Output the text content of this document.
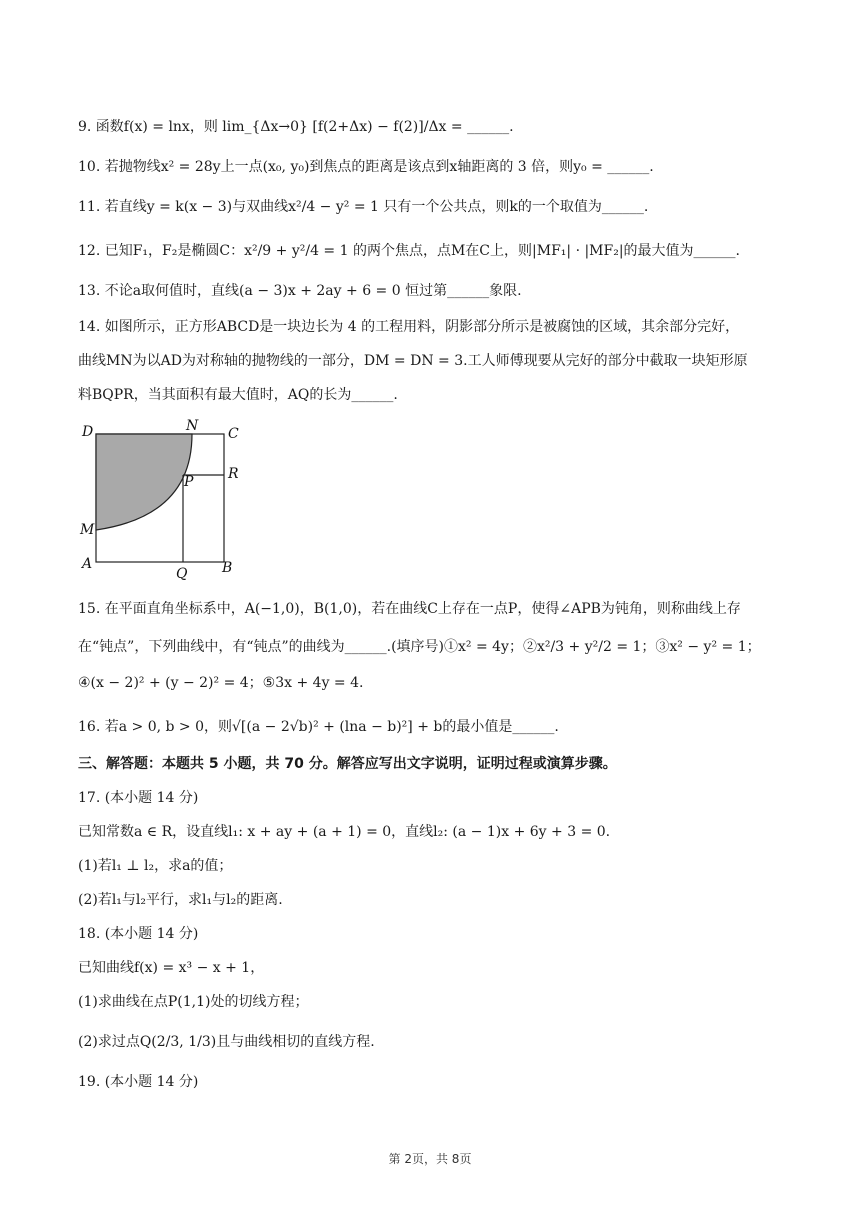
9. 函数f(x) = lnx，则 lim_{Δx→0} [f(2+Δx) − f(2)]/Δx = ______.
10. 若抛物线x² = 28y上一点(x₀, y₀)到焦点的距离是该点到x轴距离的 3 倍，则y₀ = ______.
11. 若直线y = k(x − 3)与双曲线x²/4 − y² = 1 只有一个公共点，则k的一个取值为______.
12. 已知F₁，F₂是椭圆C：x²/9 + y²/4 = 1 的两个焦点，点M在C上，则|MF₁| · |MF₂|的最大值为______.
13. 不论a取何值时，直线(a − 3)x + 2ay + 6 = 0 恒过第______象限.
14. 如图所示，正方形ABCD是一块边长为 4 的工程用料，阴影部分所示是被腐蚀的区域，其余部分完好，
曲线MN为以AD为对称轴的抛物线的一部分，DM = DN = 3.工人师傅现要从完好的部分中截取一块矩形原
料BQPR，当其面积有最大值时，AQ的长为______.
D	N C
R
P
M
A
Q B
15. 在平面直角坐标系中，A(−1,0)，B(1,0)，若在曲线C上存在一点P，使得∠APB为钝角，则称曲线上存
在“钝点”，下列曲线中，有“钝点”的曲线为______.(填序号)①x² = 4y；②x²/3 + y²/2 = 1；③x² − y² = 1；
④(x − 2)² + (y − 2)² = 4；⑤3x + 4y = 4.
16. 若a > 0, b > 0，则√[(a − 2√b)² + (lna − b)²] + b的最小值是______.
三、解答题：本题共 5 小题，共 70 分。解答应写出文字说明，证明过程或演算步骤。
17. (本小题 14 分)
已知常数a ∈ R，设直线l₁: x + ay + (a + 1) = 0，直线l₂: (a − 1)x + 6y + 3 = 0.
(1)若l₁ ⊥ l₂，求a的值；
(2)若l₁与l₂平行，求l₁与l₂的距离.
18. (本小题 14 分)
已知曲线f(x) = x³ − x + 1，
(1)求曲线在点P(1,1)处的切线方程；
(2)求过点Q(2/3, 1/3)且与曲线相切的直线方程.
19. (本小题 14 分)
第 2页，共 8页
